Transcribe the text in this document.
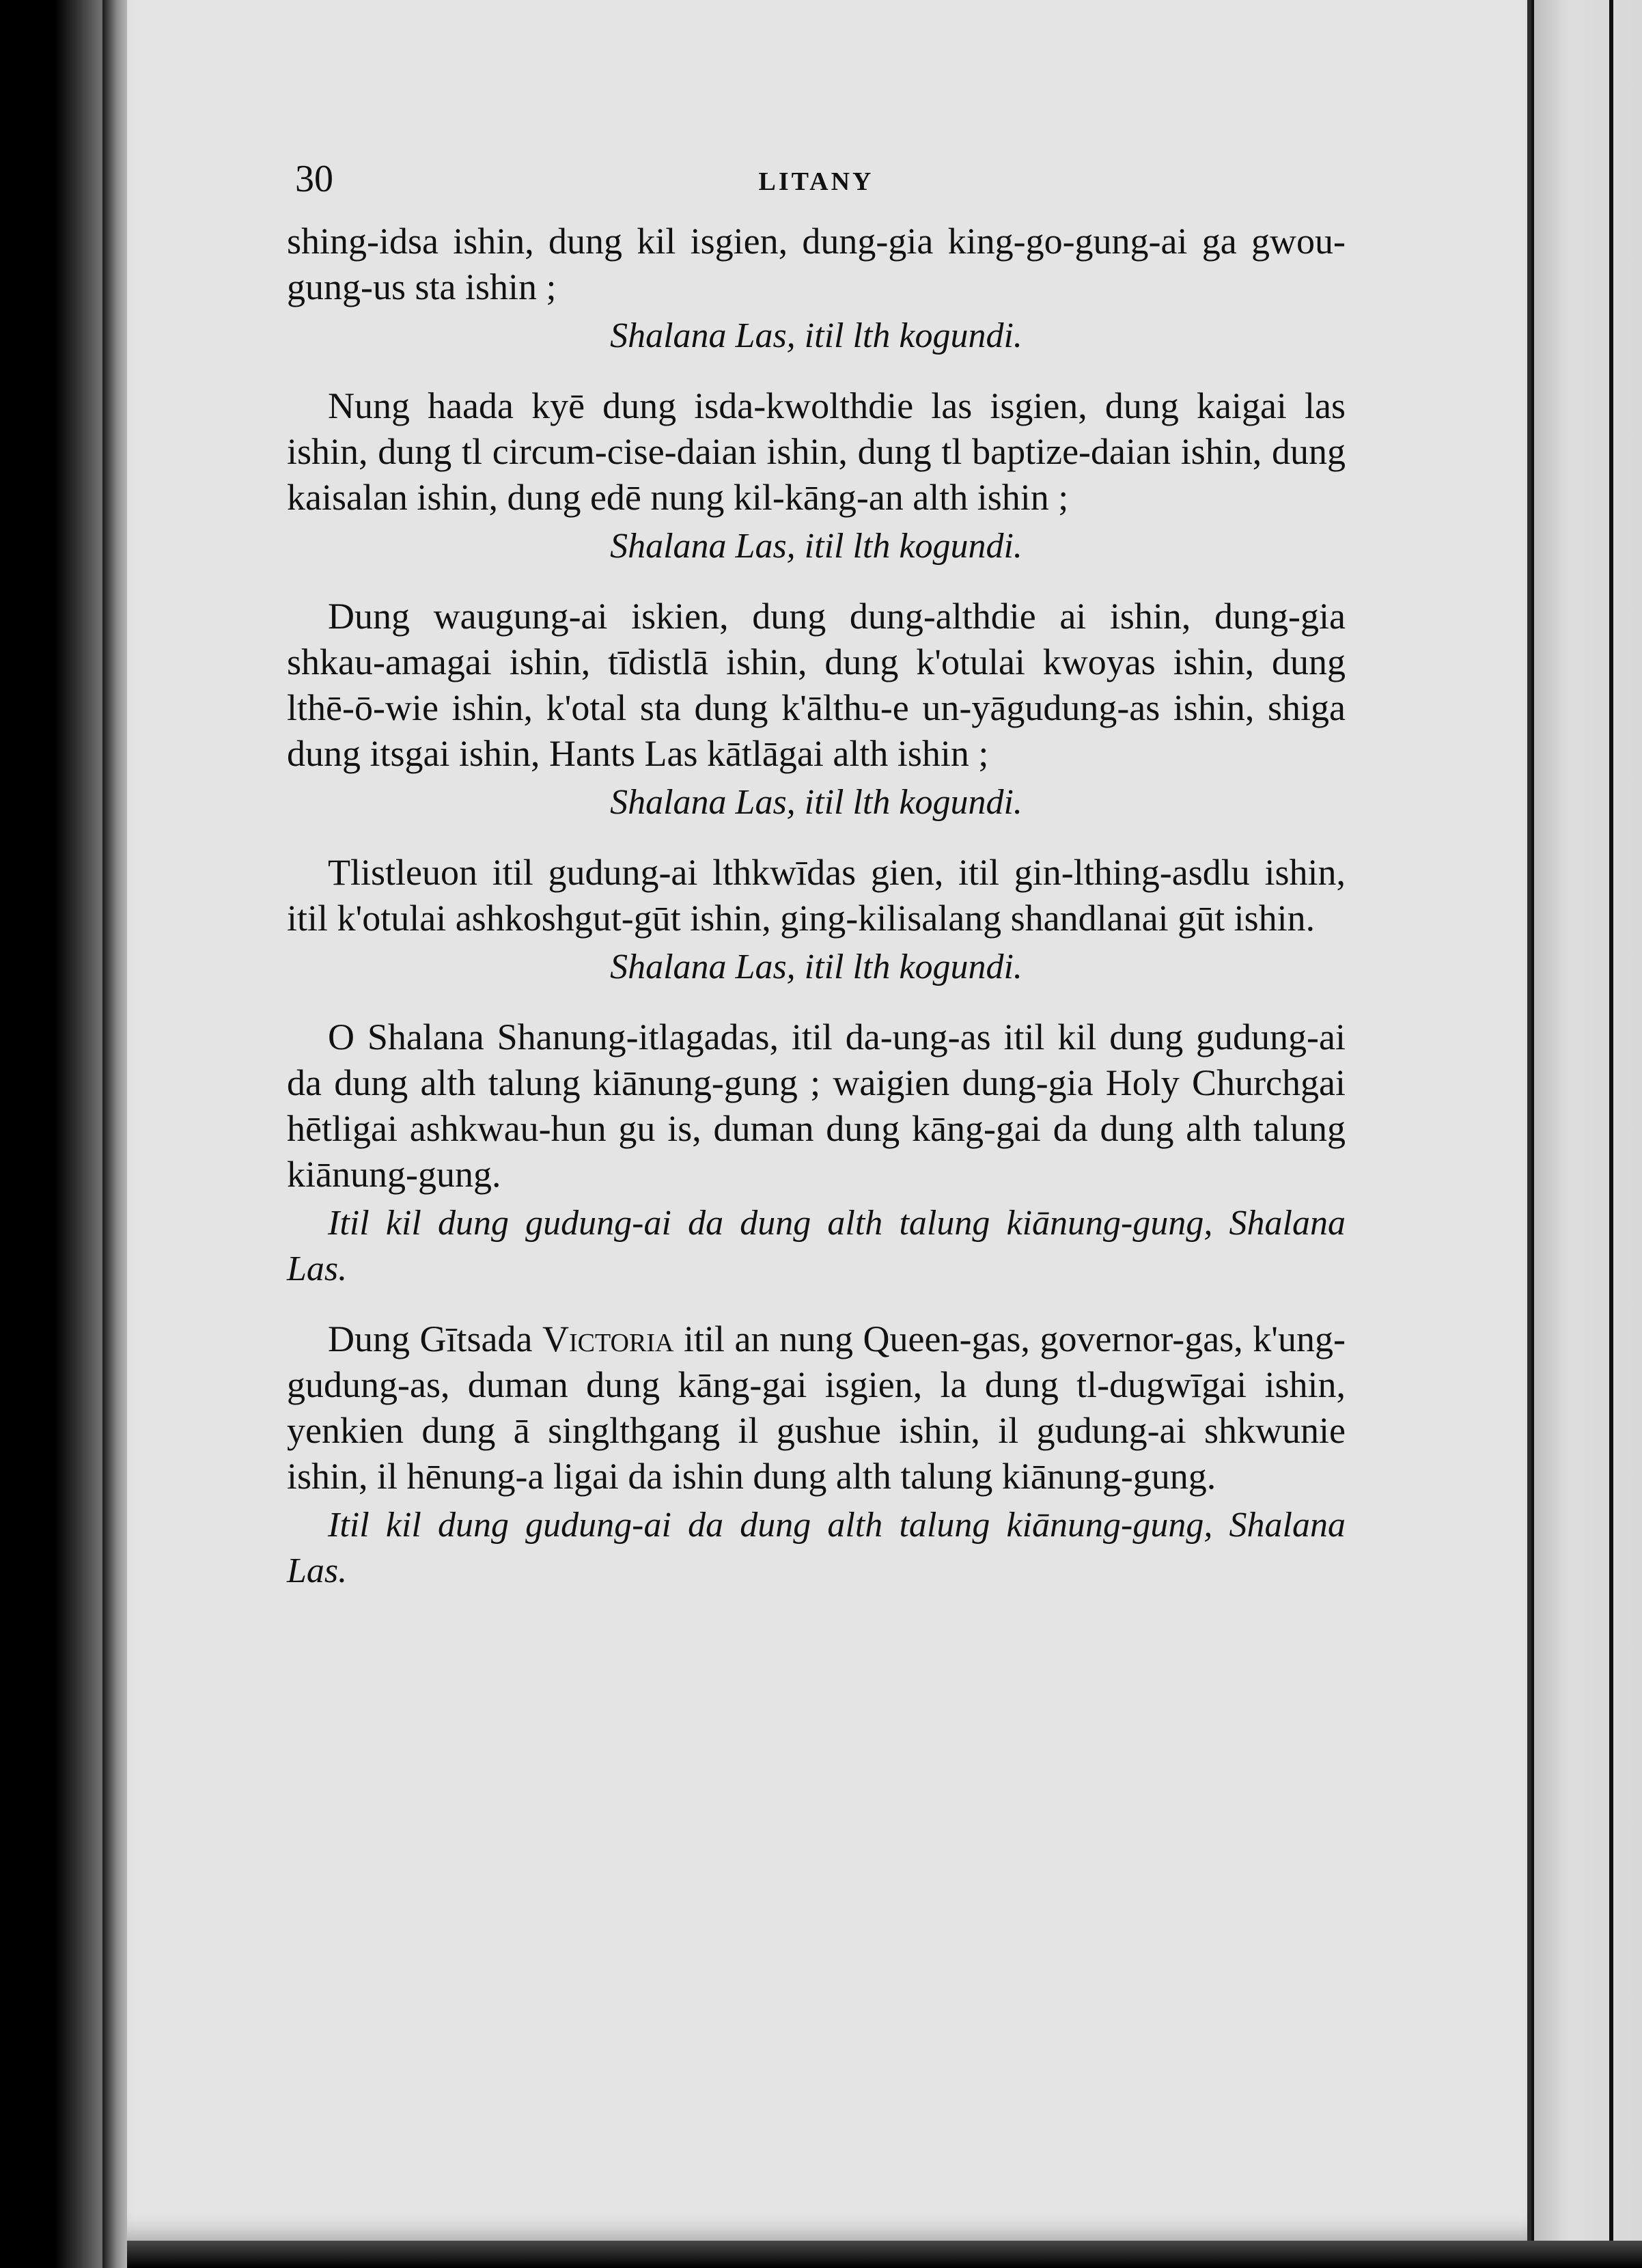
30	LITANY

shing-idsa ishin, dung kil isgien, dung-gia king-go-gung-ai ga gwou-gung-us sta ishin ;

Shalana Las, itil lth kogundi.

Nung haada kyē dung isda-kwolthdie las isgien, dung kaigai las ishin, dung tl circum-cise-daian ishin, dung tl baptize-daian ishin, dung kaisalan ishin, dung edē nung kil-kāng-an alth ishin ;

Shalana Las, itil lth kogundi.

Dung waugung-ai iskien, dung dung-althdie ai ishin, dung-gia shkau-amagai ishin, tīdistlā ishin, dung k'otulai kwoyas ishin, dung lthē-ō-wie ishin, k'otal sta dung k'ālthu-e un-yāgudung-as ishin, shiga dung itsgai ishin, Hants Las kātlāgai alth ishin ;

Shalana Las, itil lth kogundi.

Tlistleuon itil gudung-ai lthkwīdas gien, itil gin-lthing-asdlu ishin, itil k'otulai ashkoshgut-gūt ishin, ging-kilisalang shandlanai gūt ishin.

Shalana Las, itil lth kogundi.

O Shalana Shanung-itlagadas, itil da-ung-as itil kil dung gudung-ai da dung alth talung kiānung-gung ; waigien dung-gia Holy Churchgai hētligai ashkwau-hun gu is, duman dung kāng-gai da dung alth talung kiānung-gung.

Itil kil dung gudung-ai da dung alth talung kiānung-gung, Shalana Las.

Dung Gītsada Victoria itil an nung Queen-gas, governor-gas, k'ung-gudung-as, duman dung kāng-gai isgien, la dung tl-dugwīgai ishin, yenkien dung ā singlthgang il gushue ishin, il gudung-ai shkwunie ishin, il hēnung-a ligai da ishin dung alth talung kiānung-gung.

Itil kil dung gudung-ai da dung alth talung kiānung-gung, Shalana Las.
